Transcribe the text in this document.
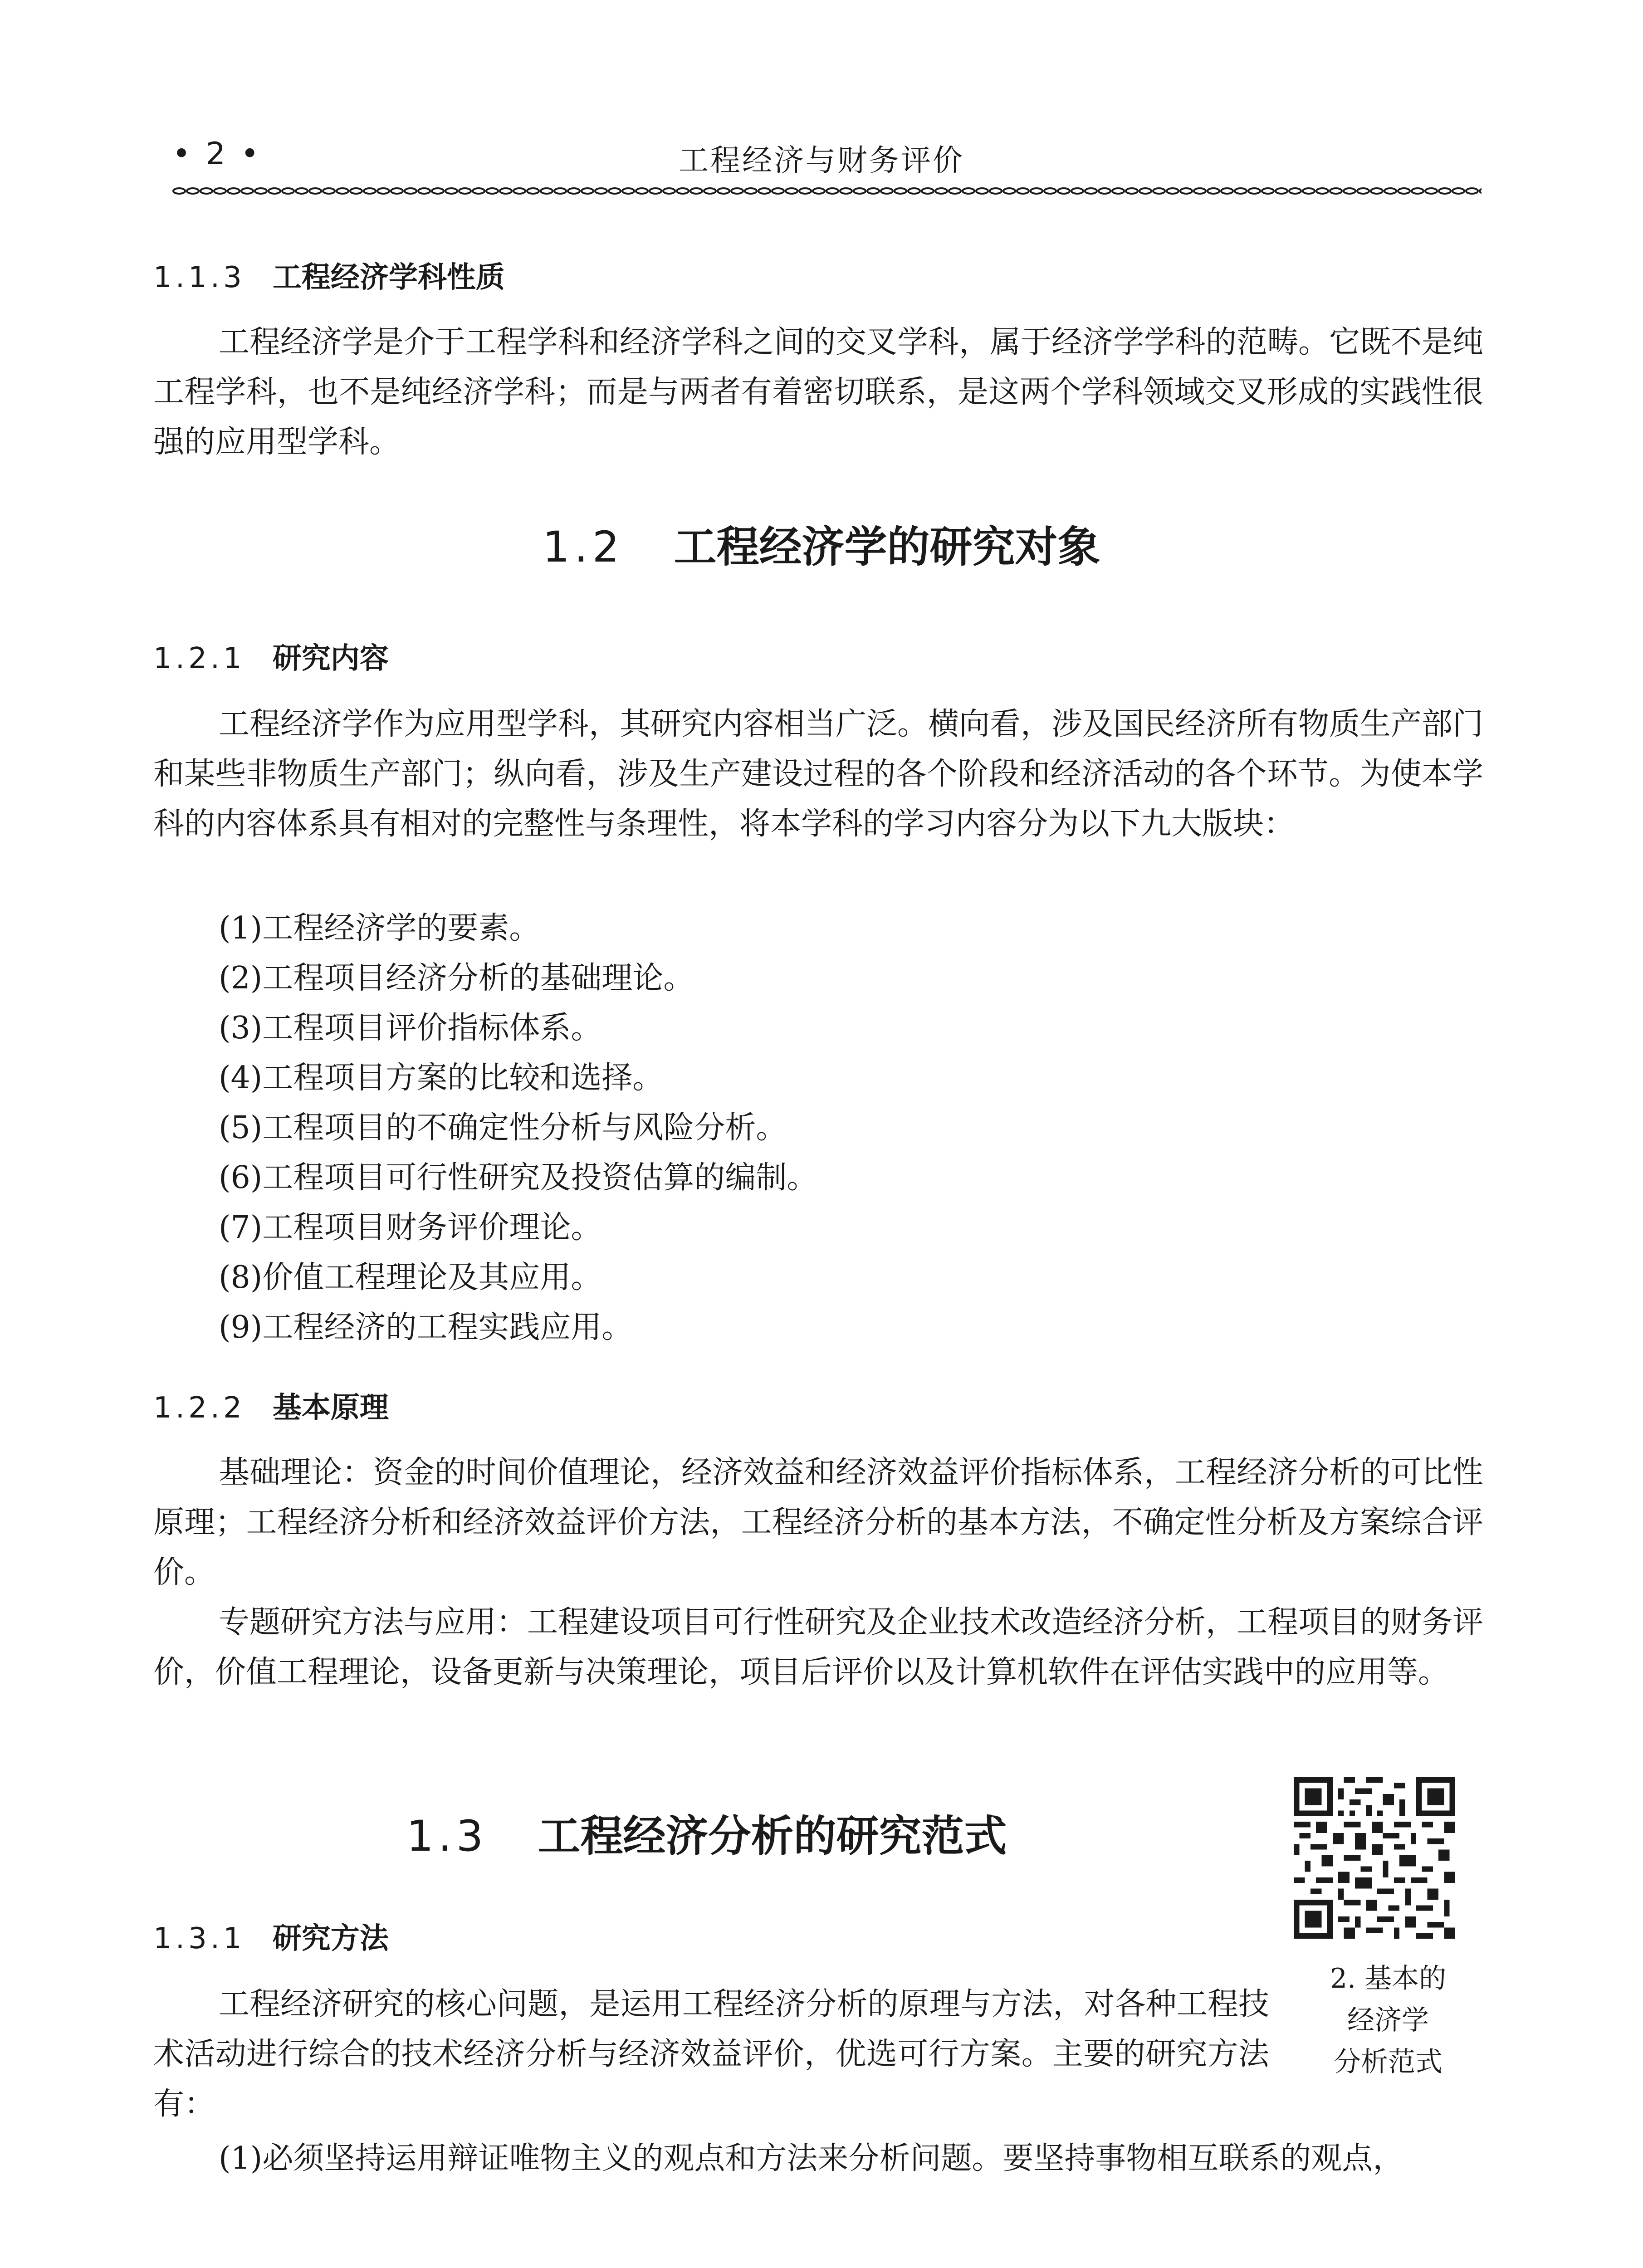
工程经济与财务评价
• 2 •
1.1.3 工程经济学科性质
工程经济学是介于工程学科和经济学科之间的交叉学科，属于经济学学科的范畴。它既不是纯工程学科，也不是纯经济学科；而是与两者有着密切联系，是这两个学科领域交叉形成的实践性很强的应用型学科。
1.2 工程经济学的研究对象
1.2.1 研究内容
工程经济学作为应用型学科，其研究内容相当广泛。横向看，涉及国民经济所有物质生产部门和某些非物质生产部门；纵向看，涉及生产建设过程的各个阶段和经济活动的各个环节。为使本学科的内容体系具有相对的完整性与条理性，将本学科的学习内容分为以下九大版块：
(1)工程经济学的要素。
(2)工程项目经济分析的基础理论。
(3)工程项目评价指标体系。
(4)工程项目方案的比较和选择。
(5)工程项目的不确定性分析与风险分析。
(6)工程项目可行性研究及投资估算的编制。
(7)工程项目财务评价理论。
(8)价值工程理论及其应用。
(9)工程经济的工程实践应用。
1.2.2 基本原理
基础理论：资金的时间价值理论，经济效益和经济效益评价指标体系，工程经济分析的可比性原理；工程经济分析和经济效益评价方法，工程经济分析的基本方法，不确定性分析及方案综合评价。
专题研究方法与应用：工程建设项目可行性研究及企业技术改造经济分析，工程项目的财务评价，价值工程理论，设备更新与决策理论，项目后评价以及计算机软件在评估实践中的应用等。
1.3 工程经济分析的研究范式
2. 基本的
经济学
分析范式
1.3.1 研究方法
工程经济研究的核心问题，是运用工程经济分析的原理与方法，对各种工程技术活动进行综合的技术经济分析与经济效益评价，优选可行方案。主要的研究方法有：
(1)必须坚持运用辩证唯物主义的观点和方法来分析问题。要坚持事物相互联系的观点，
